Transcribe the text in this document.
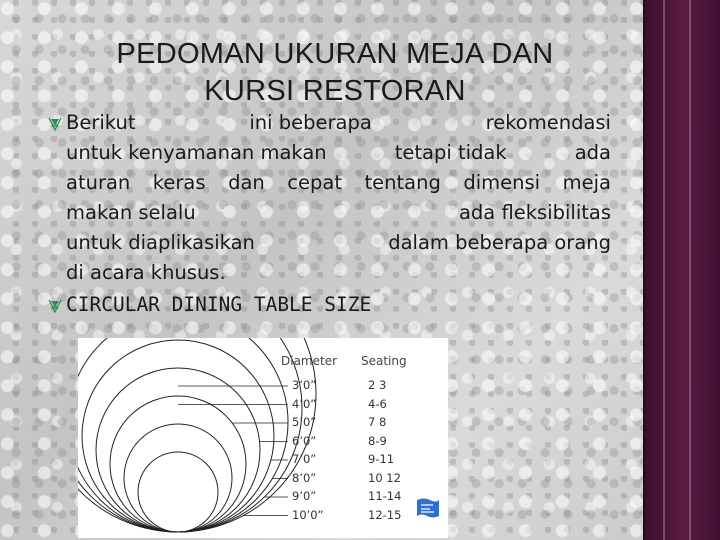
PEDOMAN UKURAN MEJA DAN
KURSI RESTORAN
Berikut	ini beberapa	rekomendasi
untuk kenyamanan makan	tetapi tidak	ada
aturan keras dan cepat tentang dimensi meja
makan selalu	ada fleksibilitas
untuk diaplikasikan	dalam beberapa orang
di acara khusus.
CIRCULAR DINING TABLE SIZE
Diameter Seating
3’0”	2 3
4’0”	4-6
5’0”	7 8
6’0”	8-9
7’0”	9-11
8’0”	10 12
9’0”	11-14
10’0”	12-15
